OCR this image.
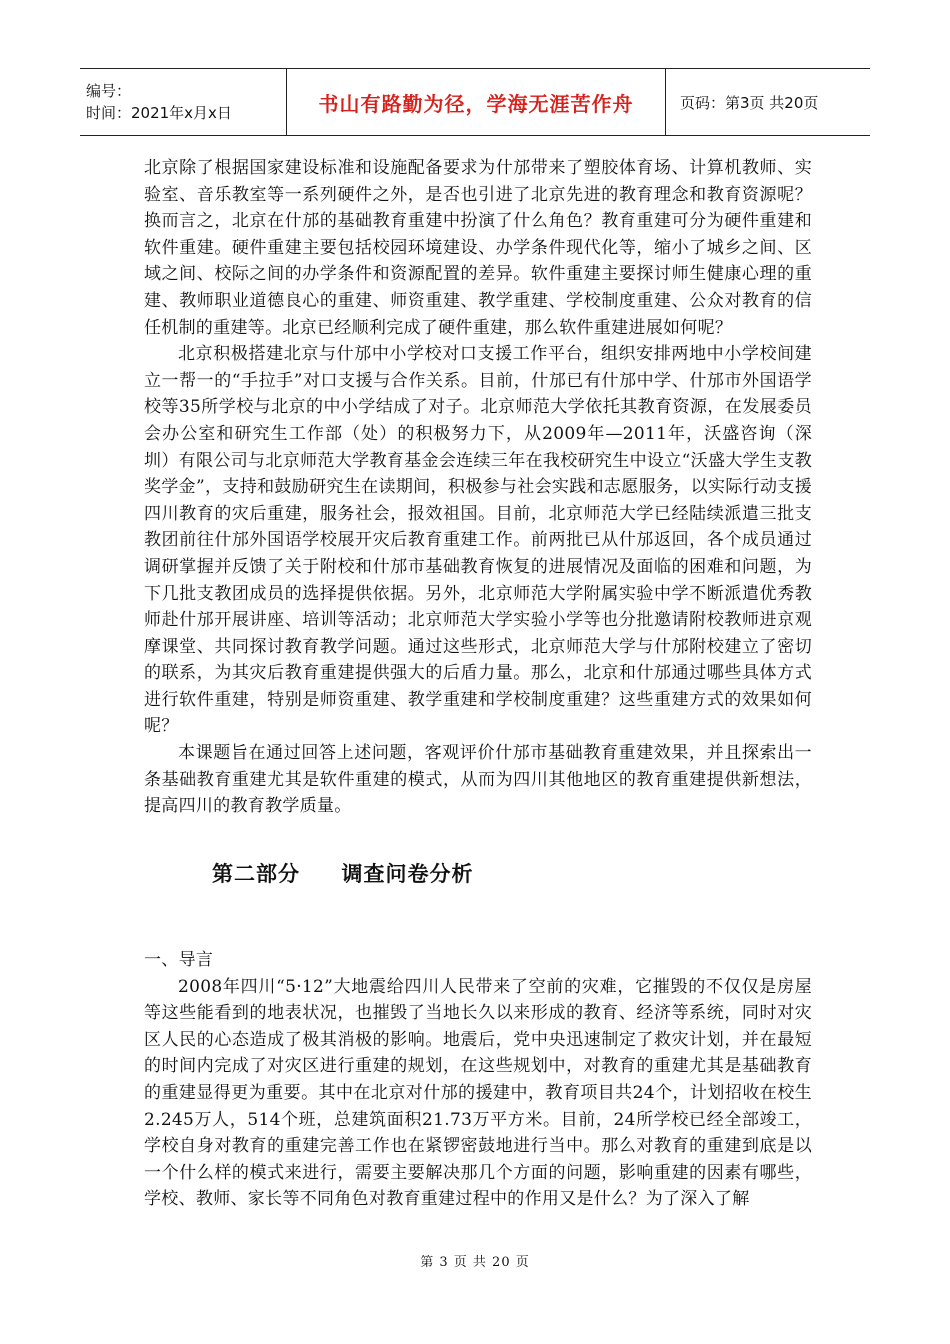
编号：
时间：2021年x月x日	书山有路勤为径，学海无涯苦作舟	页码：第3页 共20页

北京除了根据国家建设标准和设施配备要求为什邡带来了塑胶体育场、计算机教师、实验室、音乐教室等一系列硬件之外，是否也引进了北京先进的教育理念和教育资源呢？换而言之，北京在什邡的基础教育重建中扮演了什么角色？教育重建可分为硬件重建和软件重建。硬件重建主要包括校园环境建设、办学条件现代化等，缩小了城乡之间、区域之间、校际之间的办学条件和资源配置的差异。软件重建主要探讨师生健康心理的重建、教师职业道德良心的重建、师资重建、教学重建、学校制度重建、公众对教育的信任机制的重建等。北京已经顺利完成了硬件重建，那么软件重建进展如何呢？

北京积极搭建北京与什邡中小学校对口支援工作平台，组织安排两地中小学校间建立一帮一的“手拉手”对口支援与合作关系。目前，什邡已有什邡中学、什邡市外国语学校等35所学校与北京的中小学结成了对子。北京师范大学依托其教育资源，在发展委员会办公室和研究生工作部（处）的积极努力下，从2009年—2011年，沃盛咨询（深圳）有限公司与北京师范大学教育基金会连续三年在我校研究生中设立“沃盛大学生支教奖学金”，支持和鼓励研究生在读期间，积极参与社会实践和志愿服务，以实际行动支援四川教育的灾后重建，服务社会，报效祖国。目前，北京师范大学已经陆续派遣三批支教团前往什邡外国语学校展开灾后教育重建工作。前两批已从什邡返回，各个成员通过调研掌握并反馈了关于附校和什邡市基础教育恢复的进展情况及面临的困难和问题，为下几批支教团成员的选择提供依据。另外，北京师范大学附属实验中学不断派遣优秀教师赴什邡开展讲座、培训等活动；北京师范大学实验小学等也分批邀请附校教师进京观摩课堂、共同探讨教育教学问题。通过这些形式，北京师范大学与什邡附校建立了密切的联系，为其灾后教育重建提供强大的后盾力量。那么，北京和什邡通过哪些具体方式进行软件重建，特别是师资重建、教学重建和学校制度重建？这些重建方式的效果如何呢？

本课题旨在通过回答上述问题，客观评价什邡市基础教育重建效果，并且探索出一条基础教育重建尤其是软件重建的模式，从而为四川其他地区的教育重建提供新想法，提高四川的教育教学质量。

第二部分     调查问卷分析

一、导言

2008年四川“5·12”大地震给四川人民带来了空前的灾难，它摧毁的不仅仅是房屋等这些能看到的地表状况，也摧毁了当地长久以来形成的教育、经济等系统，同时对灾区人民的心态造成了极其消极的影响。地震后，党中央迅速制定了救灾计划，并在最短的时间内完成了对灾区进行重建的规划，在这些规划中，对教育的重建尤其是基础教育的重建显得更为重要。其中在北京对什邡的援建中，教育项目共24个，计划招收在校生2.245万人，514个班，总建筑面积21.73万平方米。目前，24所学校已经全部竣工，学校自身对教育的重建完善工作也在紧锣密鼓地进行当中。那么对教育的重建到底是以一个什么样的模式来进行，需要主要解决那几个方面的问题，影响重建的因素有哪些，学校、教师、家长等不同角色对教育重建过程中的作用又是什么？为了深入了解

第 3 页 共 20 页
